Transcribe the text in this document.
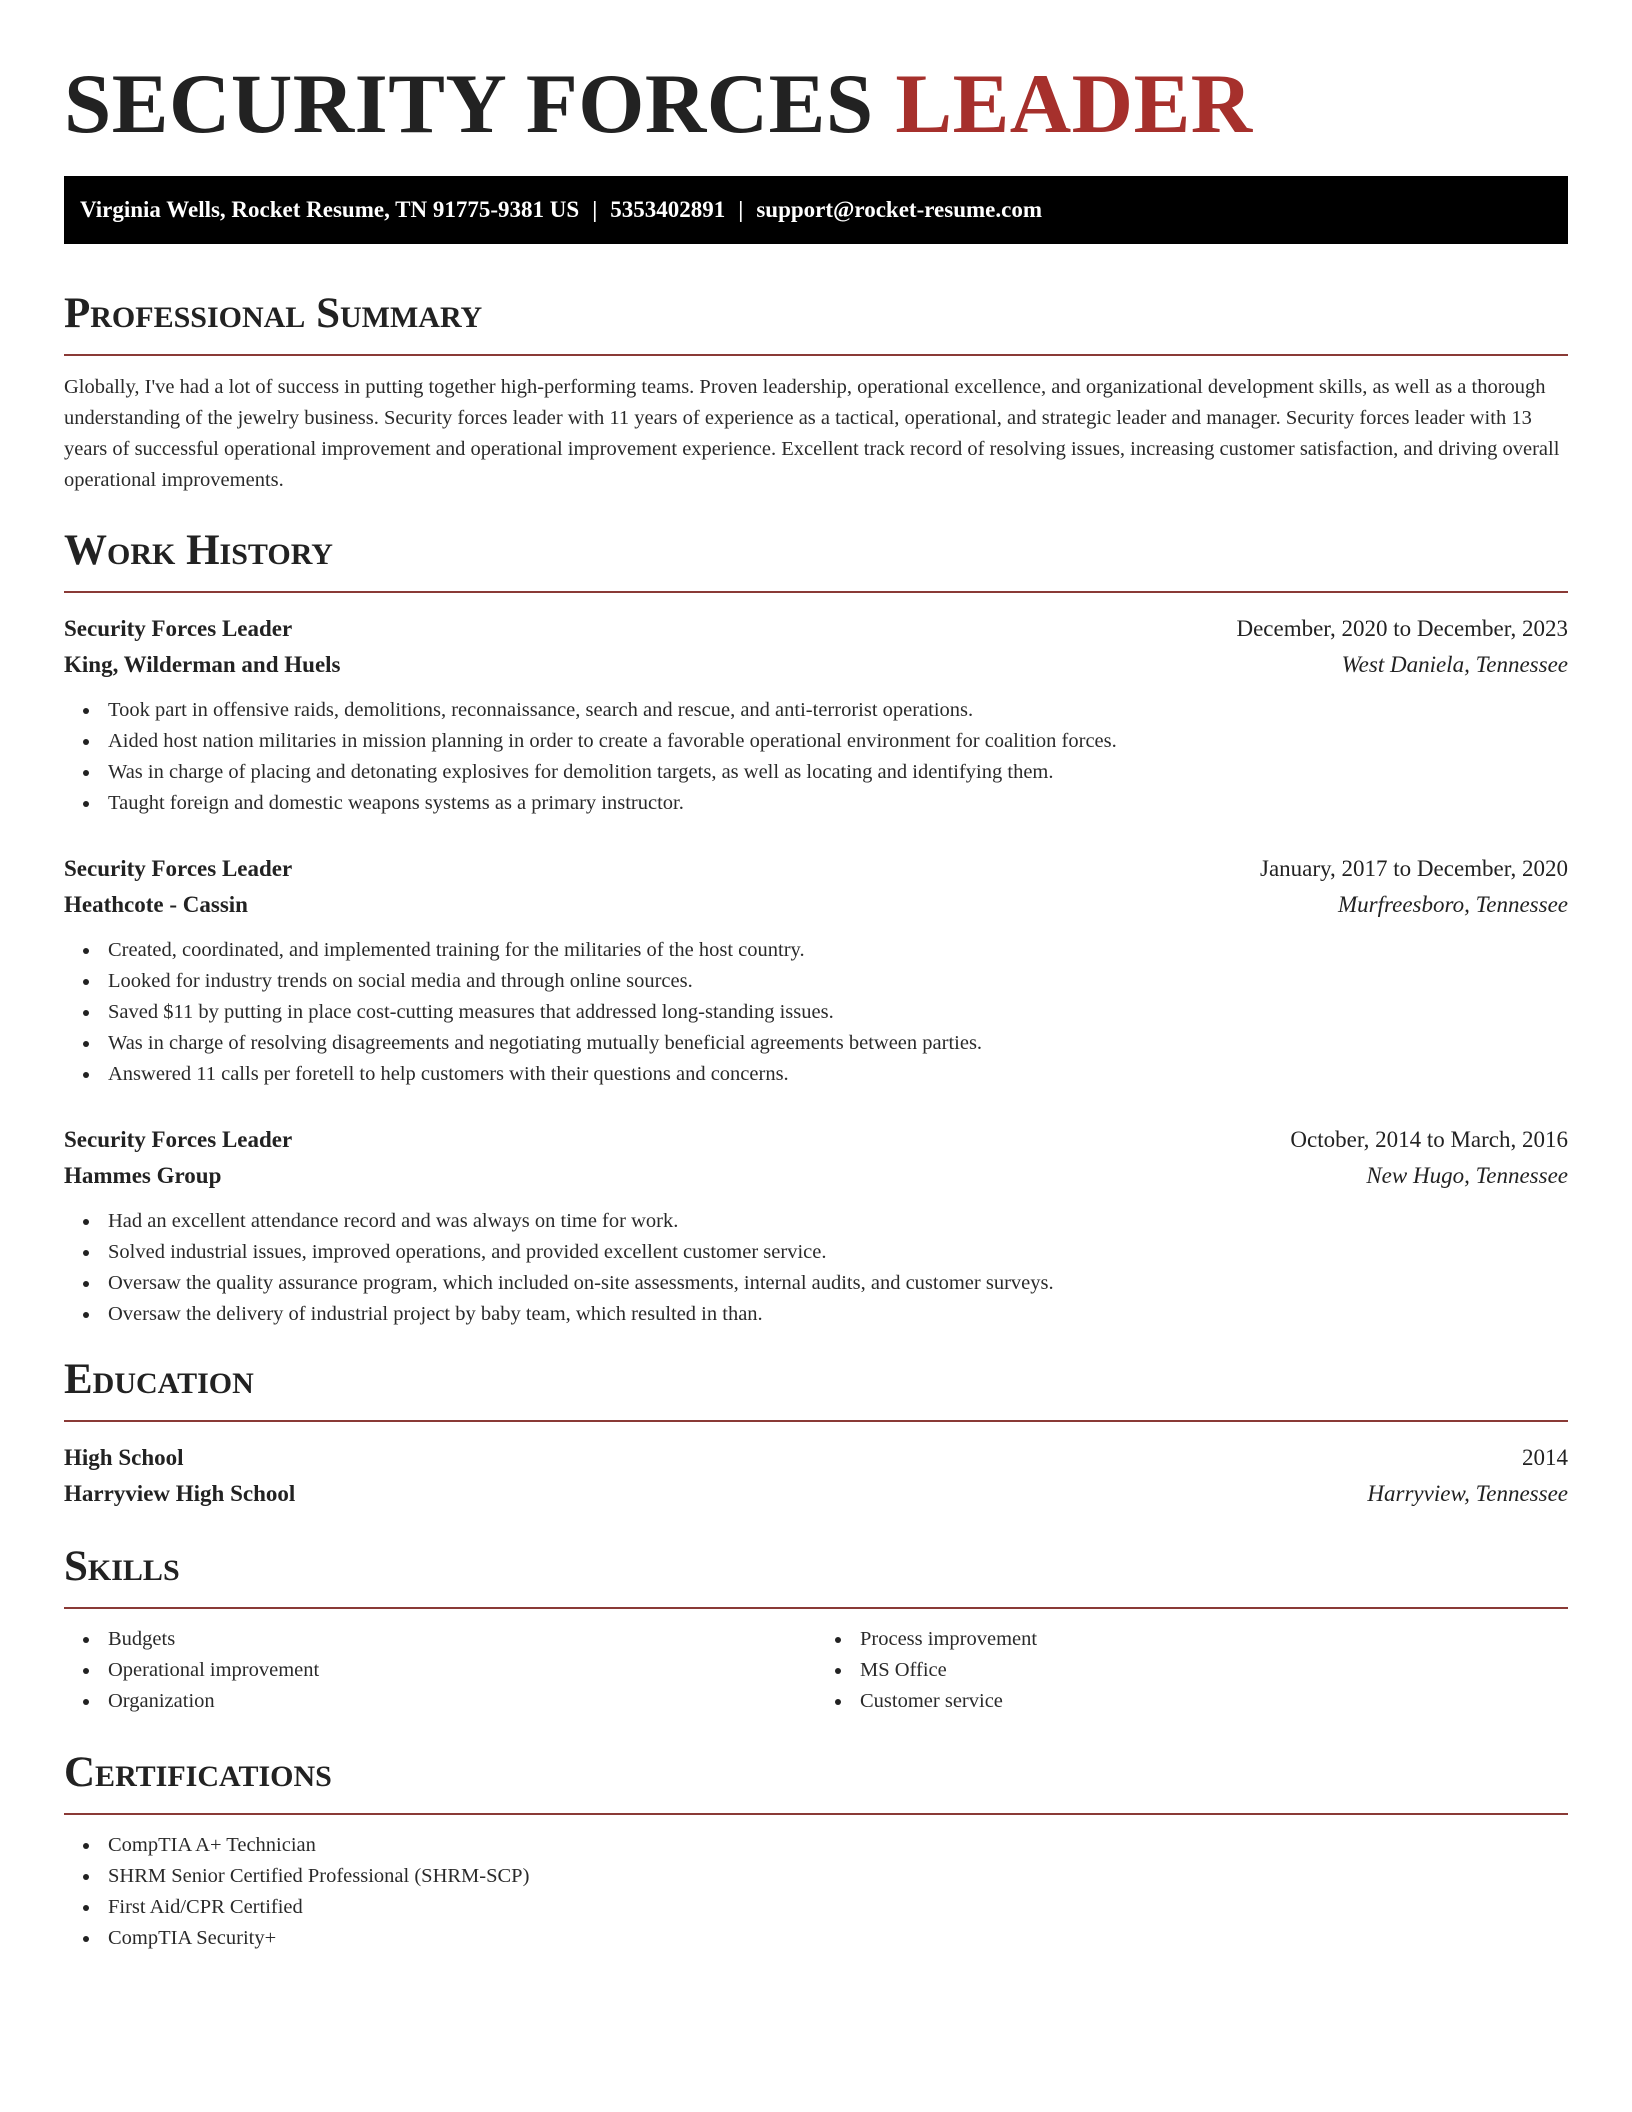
SECURITY FORCES LEADER
Virginia Wells, Rocket Resume, TN 91775-9381 US | 5353402891 | support@rocket-resume.com
Professional Summary

Globally, I've had a lot of success in putting together high-performing teams. Proven leadership, operational excellence, and organizational development skills, as well as a thorough understanding of the jewelry business. Security forces leader with 11 years of experience as a tactical, operational, and strategic leader and manager. Security forces leader with 13 years of successful operational improvement and operational improvement experience. Excellent track record of resolving issues, increasing customer satisfaction, and driving overall operational improvements.

Work History
Security Forces Leader	December, 2020 to December, 2023
King, Wilderman and Huels	West Daniela, Tennessee
Took part in offensive raids, demolitions, reconnaissance, search and rescue, and anti-terrorist operations.
Aided host nation militaries in mission planning in order to create a favorable operational environment for coalition forces.
Was in charge of placing and detonating explosives for demolition targets, as well as locating and identifying them.
Taught foreign and domestic weapons systems as a primary instructor.
Security Forces Leader	January, 2017 to December, 2020
Heathcote - Cassin	Murfreesboro, Tennessee
Created, coordinated, and implemented training for the militaries of the host country.
Looked for industry trends on social media and through online sources.
Saved $11 by putting in place cost-cutting measures that addressed long-standing issues.
Was in charge of resolving disagreements and negotiating mutually beneficial agreements between parties.
Answered 11 calls per foretell to help customers with their questions and concerns.
Security Forces Leader	October, 2014 to March, 2016
Hammes Group	New Hugo, Tennessee
Had an excellent attendance record and was always on time for work.
Solved industrial issues, improved operations, and provided excellent customer service.
Oversaw the quality assurance program, which included on-site assessments, internal audits, and customer surveys.
Oversaw the delivery of industrial project by baby team, which resulted in than.
Education
High School	2014
Harryview High School	Harryview, Tennessee
Skills
Budgets
Operational improvement
Organization
Process improvement
MS Office
Customer service
Certifications
CompTIA A+ Technician
SHRM Senior Certified Professional (SHRM-SCP)
First Aid/CPR Certified
CompTIA Security+
